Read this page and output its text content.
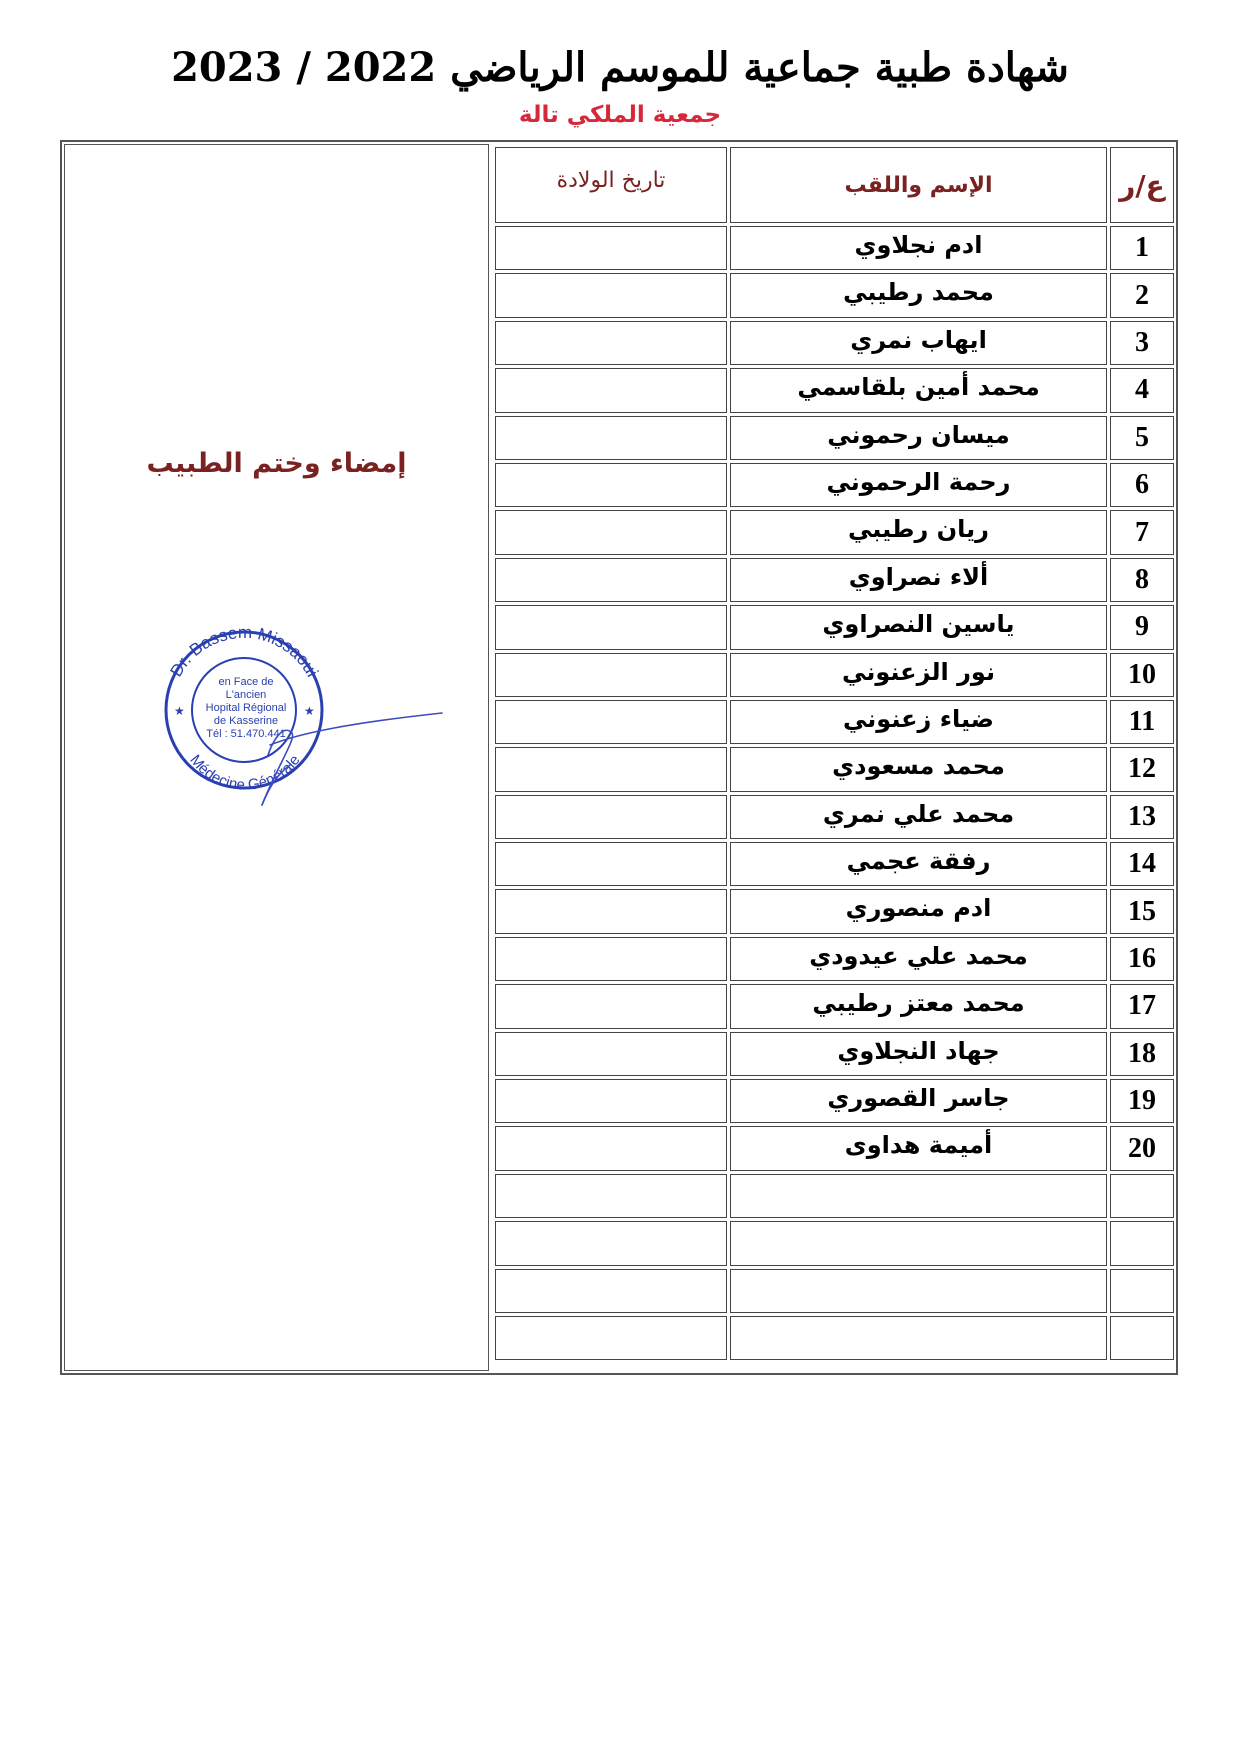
شهادة طبية جماعية للموسم الرياضي 2022 / 2023
جمعية الملكي تالة
إمضاء وختم الطبيب
Dr. Bassem Missaoui
en Face de
L'ancien
Hopital Régional
de Kasserine
Tél : 51.470.441
Médecine Générale
★	★
تاريخ الولادة	الإسم واللقب	ع/ر
	ادم نجلاوي	1
	محمد رطيبي	2
	ايهاب نمري	3
	محمد أمين بلقاسمي	4
	ميسان رحموني	5
	رحمة الرحموني	6
	ريان رطيبي	7
	ألاء نصراوي	8
	ياسين النصراوي	9
	نور الزعنوني	10
	ضياء زعنوني	11
	محمد مسعودي	12
	محمد علي نمري	13
	رفقة عجمي	14
	ادم منصوري	15
	محمد علي عيدودي	16
	محمد معتز رطيبي	17
	جهاد النجلاوي	18
	جاسر القصوري	19
	أميمة هداوى	20
